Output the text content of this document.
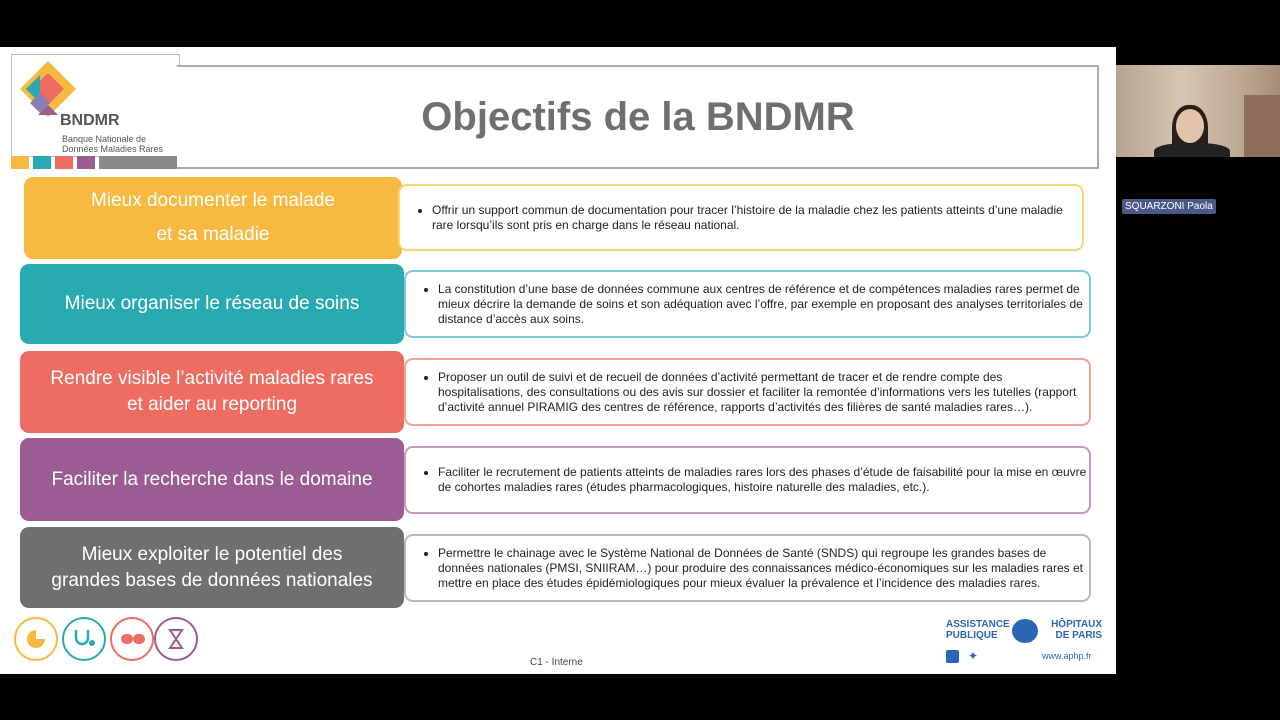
BNDMR
Banque Nationale de Données Maladies Rares
Objectifs de la BNDMR
Mieux documenter le malade
et sa maladie
• Offrir un support commun de documentation pour tracer l’histoire de la maladie chez les patients atteints d’une maladie rare lorsqu’ils sont pris en charge dans le réseau national.
Mieux organiser le réseau de soins
• La constitution d’une base de données commune aux centres de référence et de compétences maladies rares permet de mieux décrire la demande de soins et son adéquation avec l’offre, par exemple en proposant des analyses territoriales de distance d’accès aux soins.
Rendre visible l’activité maladies rares
et aider au reporting
• Proposer un outil de suivi et de recueil de données d’activité permettant de tracer et de rendre compte des hospitalisations, des consultations ou des avis sur dossier et faciliter la remontée d’informations vers les tutelles (rapport d’activité annuel PIRAMIG des centres de référence, rapports d’activités des filières de santé maladies rares…).
Faciliter la recherche dans le domaine
•	Faciliter le recrutement de patients atteints de maladies rares lors des phases d’étude de faisabilité pour la mise en œuvre de cohortes maladies rares (études pharmacologiques, histoire naturelle des maladies, etc.).
Mieux exploiter le potentiel des
grandes bases de données nationales
• Permettre le chainage avec le Système National de Données de Santé (SNDS) qui regroupe les grandes bases de données nationales (PMSI, SNIIRAM…) pour produire des connaissances médico-économiques sur les maladies rares et mettre en place des études épidémiologiques pour mieux évaluer la prévalence et l’incidence des maladies rares.
C1 - Interne
ASSISTANCE PUBLIQUE
HÔPITAUX DE PARIS
✦	www.aphp.fr
SQUARZONI Paola
